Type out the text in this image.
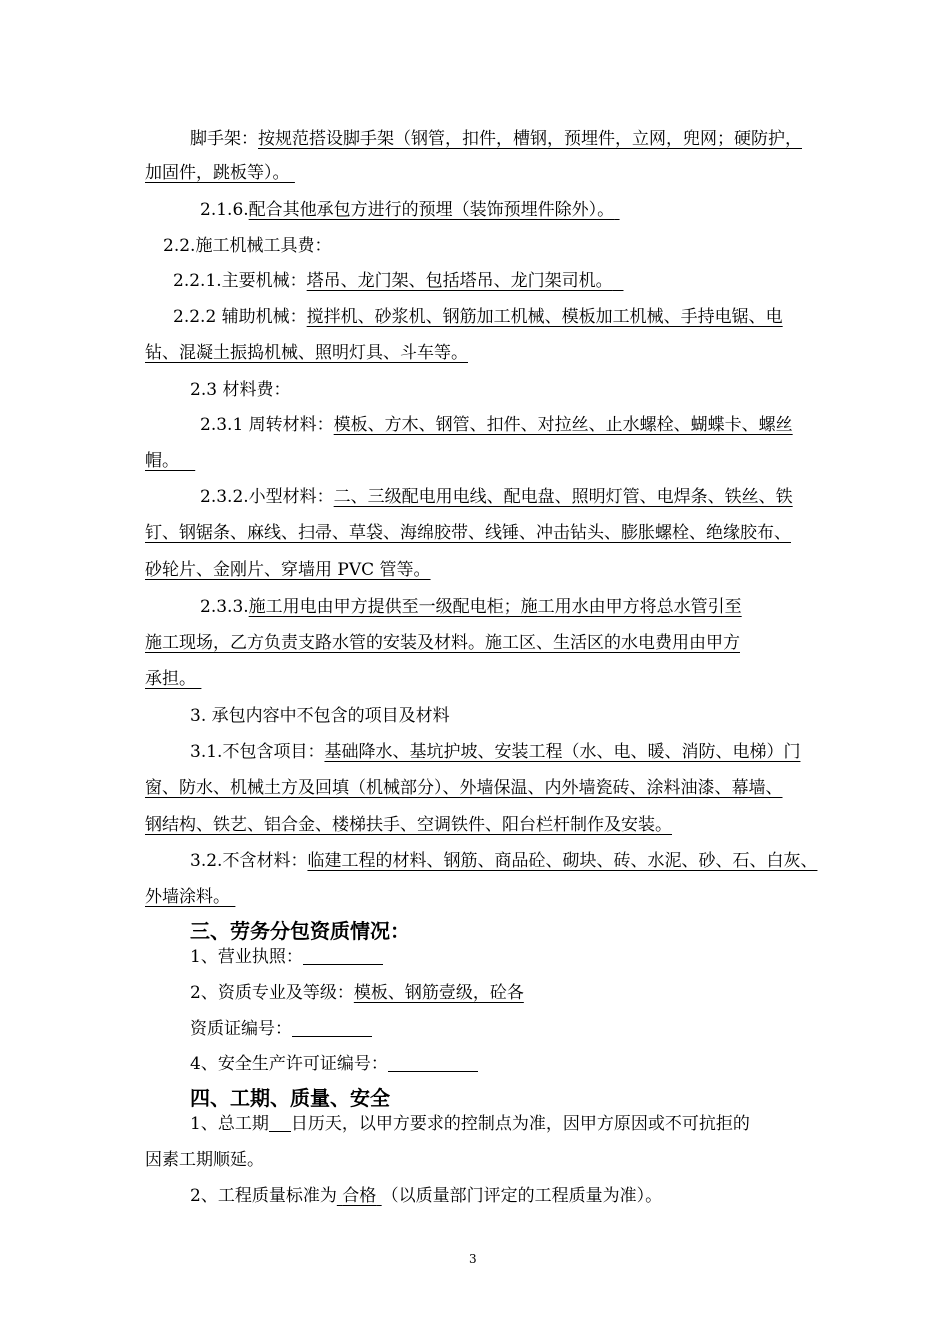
脚手架：按规范搭设脚手架（钢管，扣件，槽钢，预埋件，立网，兜网；硬防护，
加固件，跳板等）。
2.1.6.配合其他承包方进行的预埋（装饰预埋件除外）。
2.2.施工机械工具费：
2.2.1.主要机械：塔吊、龙门架、包括塔吊、龙门架司机。
2.2.2 辅助机械：搅拌机、砂浆机、钢筋加工机械、模板加工机械、手持电锯、电
钻、混凝土振捣机械、照明灯具、斗车等。
2.3 材料费：
2.3.1 周转材料：模板、方木、钢管、扣件、对拉丝、止水螺栓、蝴蝶卡、螺丝
帽。
2.3.2.小型材料：二、三级配电用电线、配电盘、照明灯管、电焊条、铁丝、铁
钉、钢锯条、麻线、扫帚、草袋、海绵胶带、线锤、冲击钻头、膨胀螺栓、绝缘胶布、
砂轮片、金刚片、穿墙用 PVC 管等。
2.3.3.施工用电由甲方提供至一级配电柜；施工用水由甲方将总水管引至
施工现场，乙方负责支路水管的安装及材料。施工区、生活区的水电费用由甲方
承担。
3. 承包内容中不包含的项目及材料
3.1.不包含项目：基础降水、基坑护坡、安装工程（水、电、暖、消防、电梯）门
窗、防水、机械土方及回填（机械部分）、外墙保温、内外墙瓷砖、涂料油漆、幕墙、
钢结构、铁艺、铝合金、楼梯扶手、空调铁件、阳台栏杆制作及安装。
3.2.不含材料：临建工程的材料、钢筋、商品砼、砌块、砖、水泥、砂、石、白灰、
外墙涂料。
三、劳务分包资质情况：
1、营业执照：
2、资质专业及等级：模板、钢筋壹级，砼各
资质证编号：
4、安全生产许可证编号：
四、工期、质量、安全
1、总工期 日历天，以甲方要求的控制点为准，因甲方原因或不可抗拒的
因素工期顺延。
2、工程质量标准为 合格 （以质量部门评定的工程质量为准）。
3
